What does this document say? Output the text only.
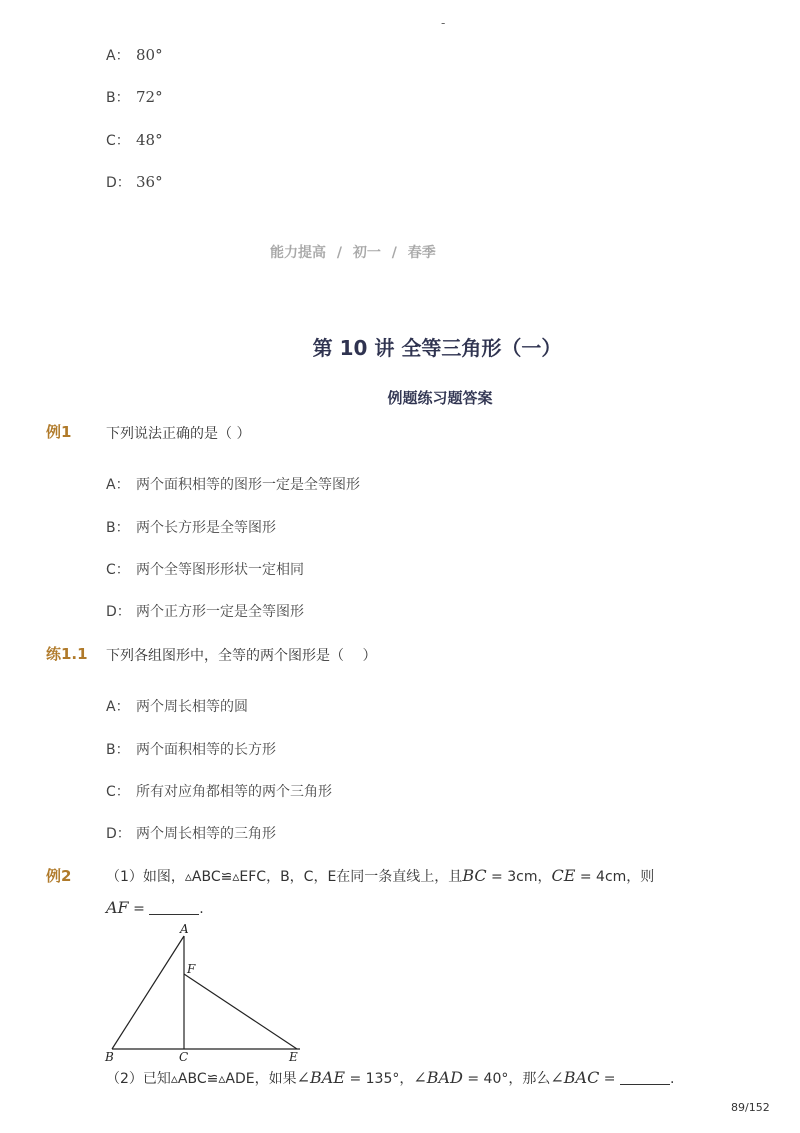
-
A： 80°
B： 72°
C： 48°
D： 36°
能力提高 / 初一 / 春季
第 10 讲 全等三角形（一）
例题练习题答案
例1 下列说法正确的是（ ）
A： 两个面积相等的图形一定是全等图形
B： 两个长方形是全等图形
C： 两个全等图形形状一定相同
D： 两个正方形一定是全等图形
练1.1 下列各组图形中，全等的两个图形是（　 ）
A： 两个周长相等的圆
B： 两个面积相等的长方形
C： 所有对应角都相等的两个三角形
D： 两个周长相等的三角形
例2 （1）如图，▵ABC≌▵EFC，B，C，E在同一条直线上，且BC = 3cm，CE = 4cm，则
AF =	.
A
F
B	C	E
（2）已知▵ABC≌▵ADE，如果∠BAE = 135°，∠BAD = 40°，那么∠BAC =	.
89/152
